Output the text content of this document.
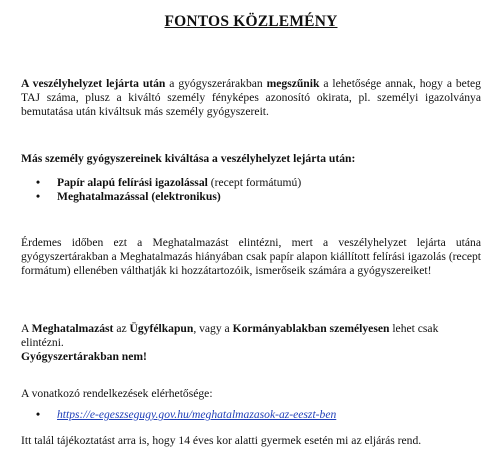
FONTOS KÖZLEMÉNY
A veszélyhelyzet lejárta után a gyógyszerárakban megszűnik a lehetősége annak, hogy a beteg TAJ száma, plusz a kiváltó személy fényképes azonosító okirata, pl. személyi igazolványa bemutatása után kiváltsuk más személy gyógyszereit.
Más személy gyógyszereinek kiváltása a veszélyhelyzet lejárta után:
• Papír alapú felírási igazolással (recept formátumú)
• Meghatalmazással (elektronikus)
Érdemes időben ezt a Meghatalmazást elintézni, mert a veszélyhelyzet lejárta utána gyógyszertárakban a Meghatalmazás hiányában csak papír alapon kiállított felírási igazolás (recept formátum) ellenében válthatják ki hozzátartozóik, ismerőseik számára a gyógyszereiket!
A Meghatalmazást az Ügyfélkapun, vagy a Kormányablakban személyesen lehet csak elintézni.
Gyógyszertárakban nem!
A vonatkozó rendelkezések elérhetősége:
• https://e-egeszsegugy.gov.hu/meghatalmazasok-az-eeszt-ben
Itt talál tájékoztatást arra is, hogy 14 éves kor alatti gyermek esetén mi az eljárás rend.
